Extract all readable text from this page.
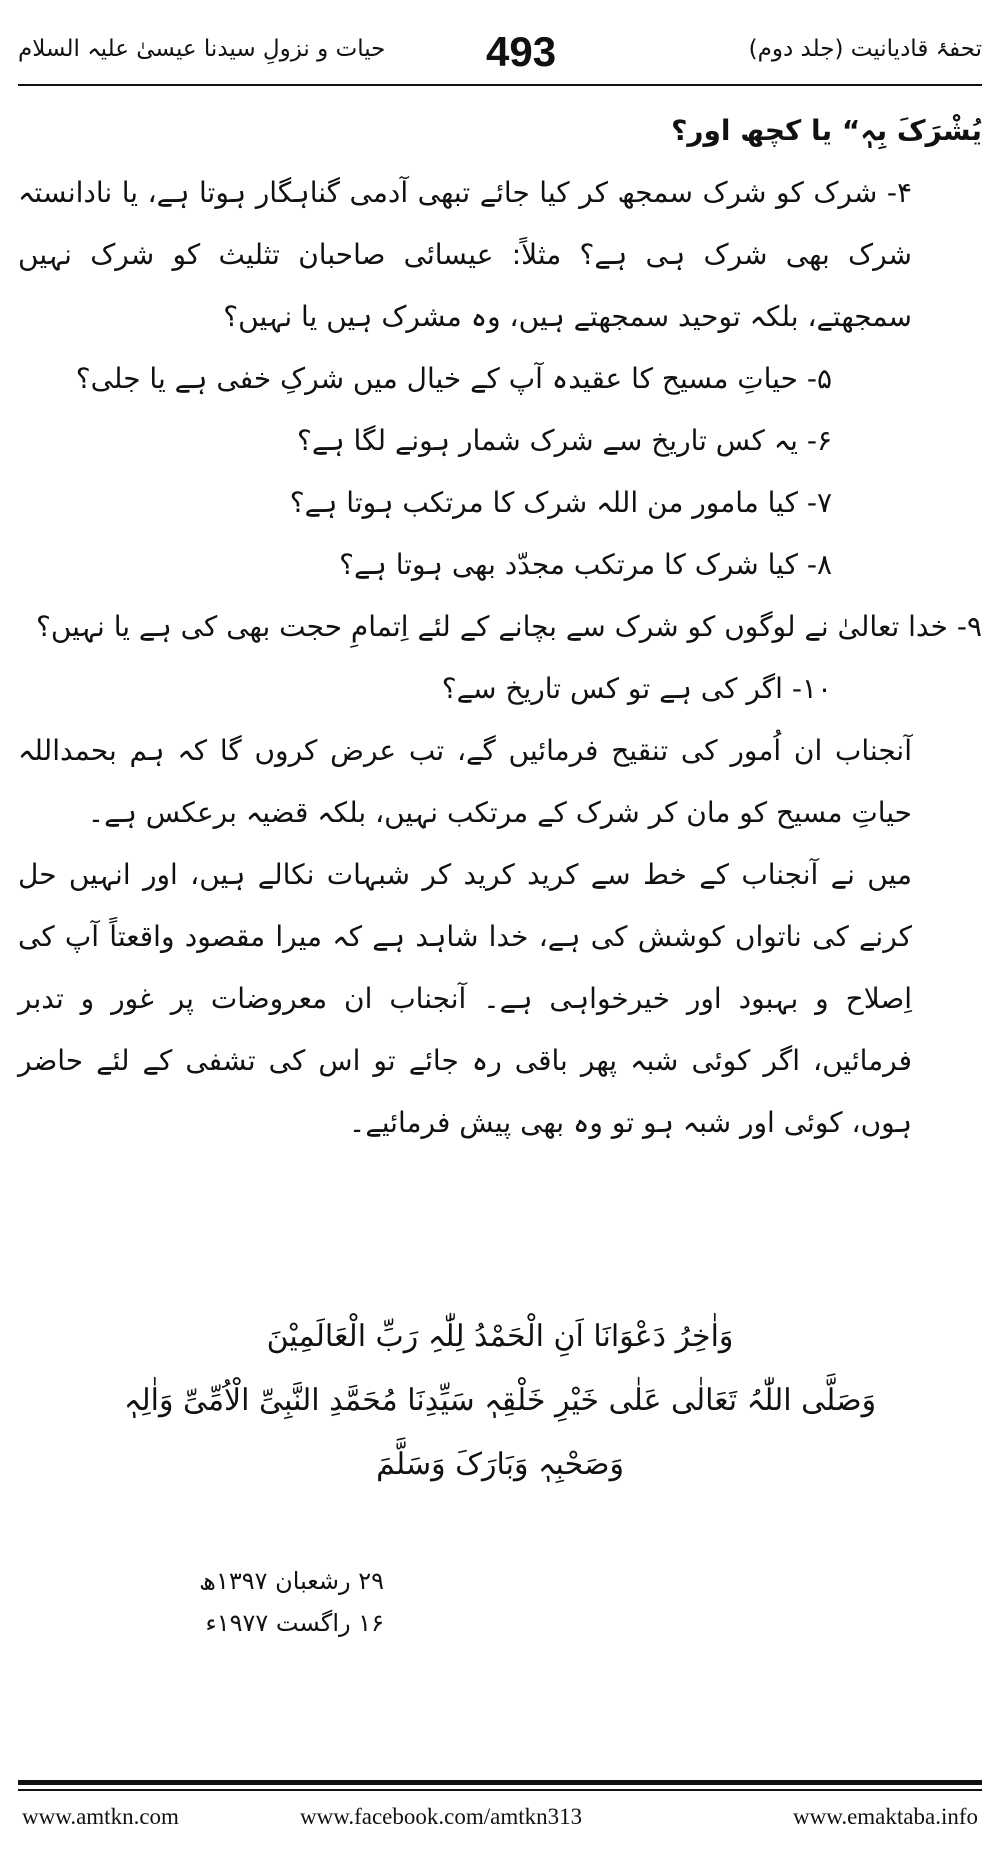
تحفۂ قادیانیت (جلد دوم)
493
حیات و نزولِ سیدنا عیسیٰ علیہ السلام

یُشْرَکَ بِہٖ“ یا کچھ اور؟

۴- شرک کو شرک سمجھ کر کیا جائے تبھی آدمی گناہگار ہوتا ہے، یا نادانستہ شرک بھی شرک ہی ہے؟ مثلاً: عیسائی صاحبان تثلیث کو شرک نہیں سمجھتے، بلکہ توحید سمجھتے ہیں، وہ مشرک ہیں یا نہیں؟

۵- حیاتِ مسیح کا عقیدہ آپ کے خیال میں شرکِ خفی ہے یا جلی؟

۶- یہ کس تاریخ سے شرک شمار ہونے لگا ہے؟

۷- کیا مامور من اللہ شرک کا مرتکب ہوتا ہے؟

۸- کیا شرک کا مرتکب مجدّد بھی ہوتا ہے؟

۹- خدا تعالیٰ نے لوگوں کو شرک سے بچانے کے لئے اِتمامِ حجت بھی کی ہے یا نہیں؟

۱۰- اگر کی ہے تو کس تاریخ سے؟

آنجناب ان اُمور کی تنقیح فرمائیں گے، تب عرض کروں گا کہ ہم بحمداللہ حیاتِ مسیح کو مان کر شرک کے مرتکب نہیں، بلکہ قضیہ برعکس ہے۔

میں نے آنجناب کے خط سے کرید کرید کر شبہات نکالے ہیں، اور انہیں حل کرنے کی ناتواں کوشش کی ہے، خدا شاہد ہے کہ میرا مقصود واقعتاً آپ کی اِصلاح و بہبود اور خیرخواہی ہے۔ آنجناب ان معروضات پر غور و تدبر فرمائیں، اگر کوئی شبہ پھر باقی رہ جائے تو اس کی تشفی کے لئے حاضر ہوں، کوئی اور شبہ ہو تو وہ بھی پیش فرمائیے۔

وَاٰخِرُ دَعْوَانَا اَنِ الْحَمْدُ لِلّٰہِ رَبِّ الْعَالَمِیْنَ

وَصَلَّی اللّٰہُ تَعَالٰی عَلٰی خَیْرِ خَلْقِہٖ سَیِّدِنَا مُحَمَّدِ النَّبِیِّ الْاُمِّیِّ وَاٰلِہٖ

وَصَحْبِہٖ وَبَارَکَ وَسَلَّمَ

۲۹ رشعبان ۱۳۹۷ھ

۱۶ راگست ۱۹۷۷ء

www.amtkn.com	www.facebook.com/amtkn313	www.emaktaba.info
